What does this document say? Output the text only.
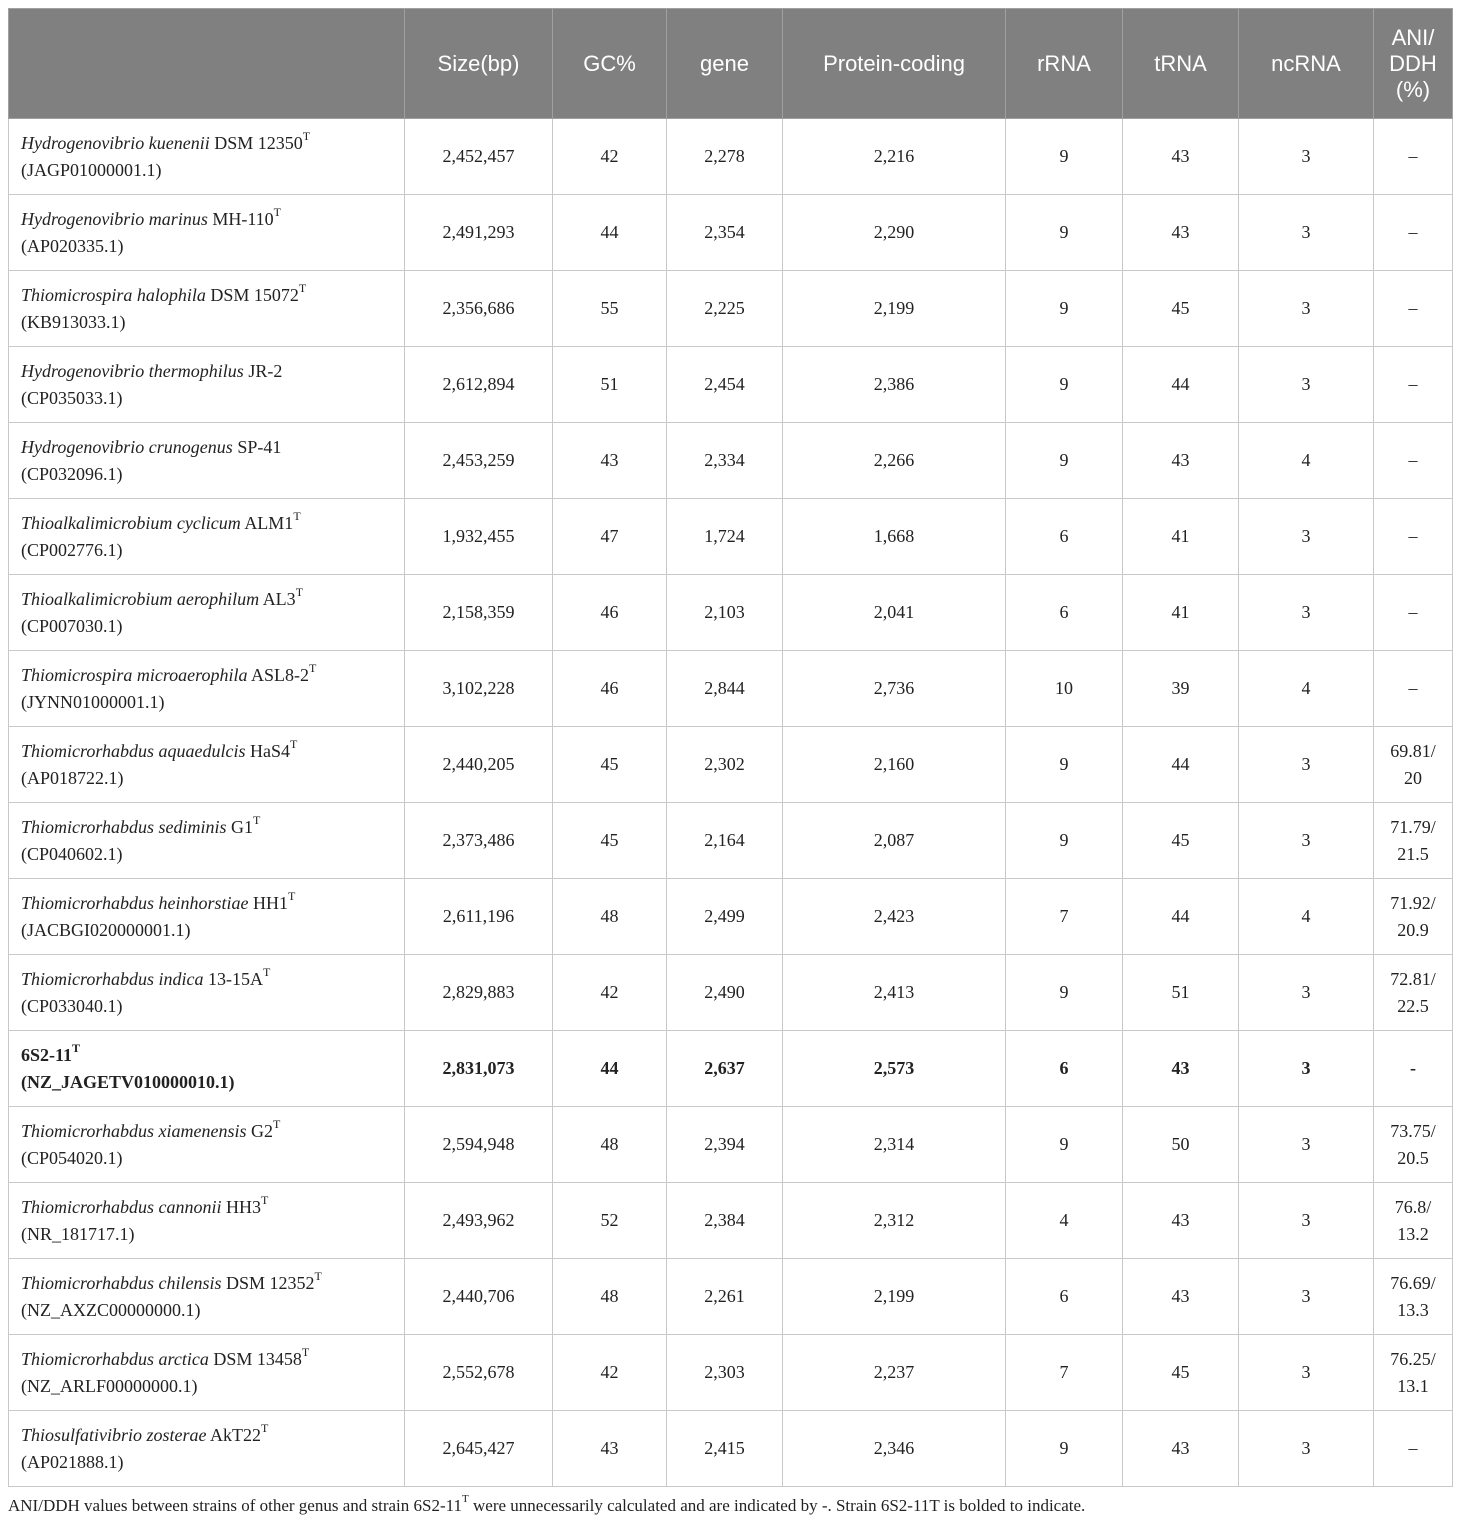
	Size(bp)	GC%	gene	Protein-coding	rRNA	tRNA	ncRNA	ANI/ DDH (%)

Hydrogenovibrio kuenenii DSM $12350^T$
(JAGP01000001.1)	2,452,457	42	2,278	2,216	9	43	3	–

Hydrogenovibrio marinus $MH-110^T$
(AP020335.1)	2,491,293	44	2,354	2,290	9	43	3	–

Thiomicrospira halophila DSM $15072^T$
(KB913033.1)	2,356,686	55	2,225	2,199	9	45	3	–

Hydrogenovibrio thermophilus JR-2
(CP035033.1)	2,612,894	51	2,454	2,386	9	44	3	–

Hydrogenovibrio crunogenus SP-41
(CP032096.1)	2,453,259	43	2,334	2,266	9	43	4	–

Thioalkalimicrobium cyclicum $ALM1^T$
(CP002776.1)	1,932,455	47	1,724	1,668	6	41	3	–

Thioalkalimicrobium aerophilum $AL3^T$
(CP007030.1)	2,158,359	46	2,103	2,041	6	41	3	–

Thiomicrospira microaerophila $ASL8-2^T$
(JYNN01000001.1)	3,102,228	46	2,844	2,736	10	39	4	–

Thiomicrorhabdus aquaedulcis $HaS4^T$
(AP018722.1)	2,440,205	45	2,302	2,160	9	44	3	69.81/ 20

Thiomicrorhabdus sediminis $G1^T$
(CP040602.1)	2,373,486	45	2,164	2,087	9	45	3	71.79/ 21.5

Thiomicrorhabdus heinhorstiae $HH1^T$
(JACBGI020000001.1)	2,611,196	48	2,499	2,423	7	44	4	71.92/ 20.9

Thiomicrorhabdus indica $13-15A^T$
(CP033040.1)	2,829,883	42	2,490	2,413	9	51	3	72.81/ 22.5

$6S2-11^T$
(NZ_JAGETV010000010.1)	2,831,073	44	2,637	2,573	6	43	3	-

Thiomicrorhabdus xiamenensis $G2^T$
(CP054020.1)	2,594,948	48	2,394	2,314	9	50	3	73.75/ 20.5

Thiomicrorhabdus cannonii $HH3^T$
(NR_181717.1)	2,493,962	52	2,384	2,312	4	43	3	76.8/ 13.2

Thiomicrorhabdus chilensis DSM $12352^T$
(NZ_AXZC00000000.1)	2,440,706	48	2,261	2,199	6	43	3	76.69/ 13.3

Thiomicrorhabdus arctica DSM $13458^T$
(NZ_ARLF00000000.1)	2,552,678	42	2,303	2,237	7	45	3	76.25/ 13.1

Thiosulfativibrio zosterae $AkT22^T$
(AP021888.1)	2,645,427	43	2,415	2,346	9	43	3	–
ANI/DDH values between strains of other genus and strain $6S2-11^T$ were unnecessarily calculated and are indicated by -. Strain 6S2-11T is bolded to indicate.
